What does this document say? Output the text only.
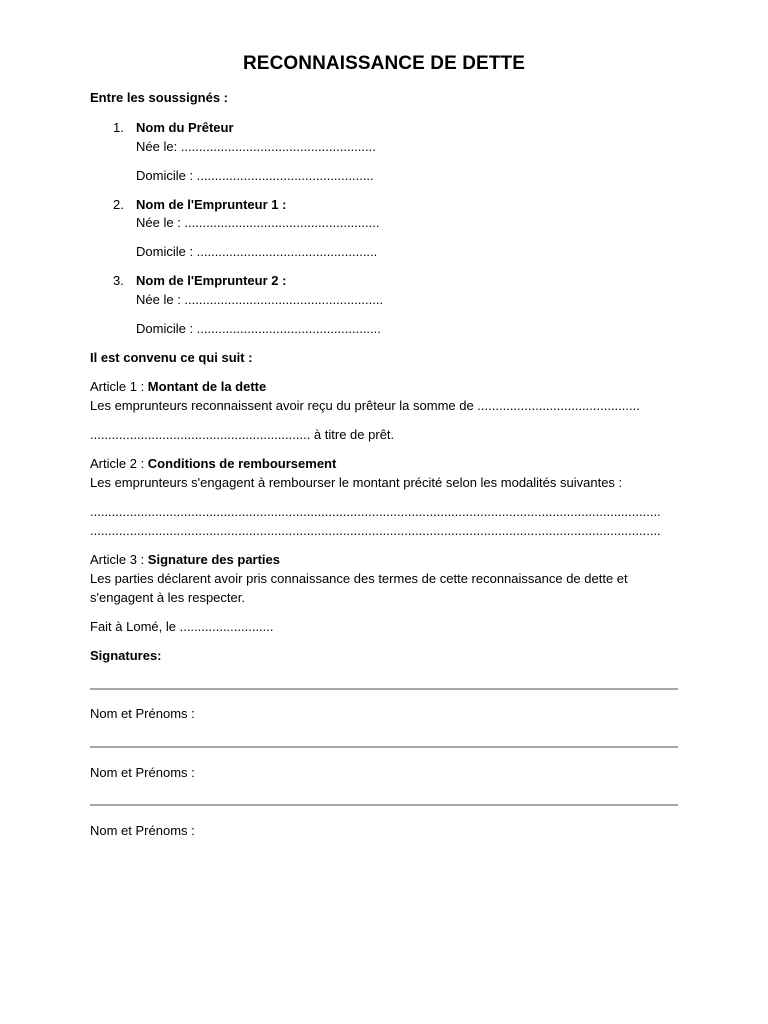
RECONNAISSANCE DE DETTE
Entre les soussignés :
1. Nom du Prêteur
Née le: ......................................................
Domicile : .................................................
2. Nom de l'Emprunteur 1 :
Née le : ......................................................
Domicile : ..................................................
3. Nom de l'Emprunteur 2 :
Née le : .......................................................
Domicile : ...................................................
Il est convenu ce qui suit :
Article 1 : Montant de la dette
Les emprunteurs reconnaissent avoir reçu du prêteur la somme de .............................................
............................................................. à titre de prêt.
Article 2 : Conditions de remboursement
Les emprunteurs s'engagent à rembourser le montant précité selon les modalités suivantes :
..............................................................................................................................................................
..............................................................................................................................................................
Article 3 : Signature des parties
Les parties déclarent avoir pris connaissance des termes de cette reconnaissance de dette et
s'engagent à les respecter.
Fait à Lomé, le ..........................
Signatures:
Nom et Prénoms :
Nom et Prénoms :
Nom et Prénoms :
